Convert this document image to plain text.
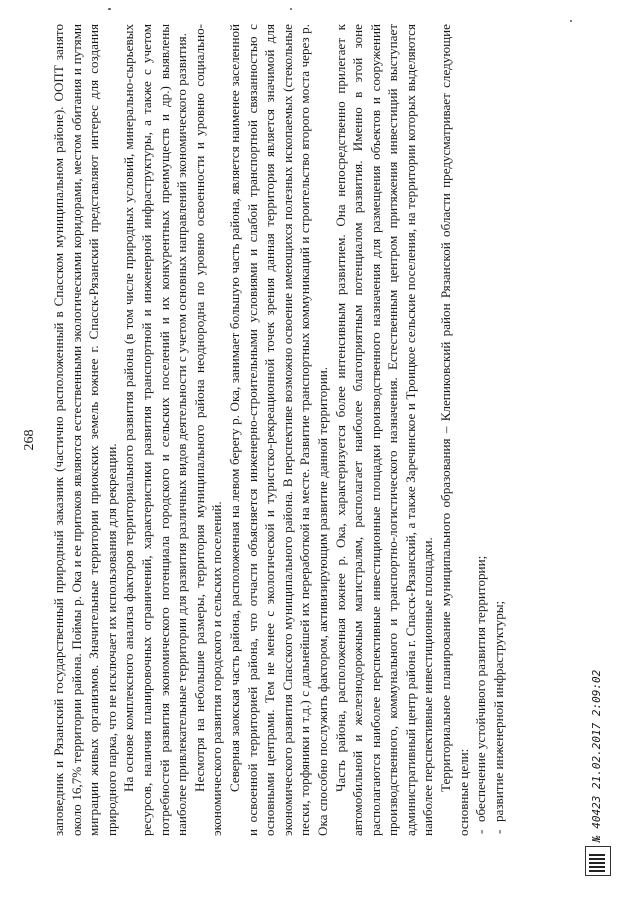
268 заповедник и Рязанский государственный природный заказник (частично расположенный в Спасском муниципальном районе). ООПТ занято около 16,7% территории района. Поймы р. Ока и ее притоков являются естественными экологическими коридорами, местом обитания и путями миграции живых организмов. Значительные территории приокских земель южнее г. Спасск-Рязанский представляют интерес для создания природного парка, что не исключает их использования для рекреации. На основе комплексного анализа факторов территориального развития района (в том числе природных условий, минерально-сырьевых ресурсов, наличия планировочных ограничений, характеристики развития транспортной и инженерной инфраструктуры, а также с учетом потребностей развития экономического потенциала городского и сельских поселений и их конкурентных преимуществ и др.) выявлены наиболее привлекательные территории для развития различных видов деятельности с учетом основных направлений экономического развития. Несмотря на небольшие размеры, территория муниципального района неоднородна по уровню освоенности и уровню социально-экономического развития городского и сельских поселений. Северная заокская часть района, расположенная на левом берегу р. Ока, занимает большую часть района, является наименее заселенной и освоенной территорией района, что отчасти объясняется инженерно-строительными условиями и слабой транспортной связанностью с основными центрами. Тем не менее с экологической и туристско-рекреационной точек зрения данная территория является значимой для экономического развития Спасского муниципального района. В перспективе возможно освоение имеющихся полезных ископаемых (стекольные пески, торфяники и т.д.) с дальнейшей их переработкой на месте. Развитие транспортных коммуникаций и строительство второго моста через р. Ока способно послужить фактором, активизирующим развитие данной территории. Часть района, расположенная южнее р. Ока, характеризуется более интенсивным развитием. Она непосредственно прилегает к автомобильной и железнодорожным магистралям, располагает наиболее благоприятным потенциалом развития. Именно в этой зоне располагаются наиболее перспективные инвестиционные площадки производственного назначения для размещения объектов и сооружений производственного, коммунального и транспортно-логистического назначения. Естественным центром притяжения инвестиций выступает административный центр района г. Спасск-Рязанский, а также Заречинское и Троицкое сельские поселения, на территории которых выделяются наиболее перспективные инвестиционные площадки. Территориальное планирование муниципального образования – Клепиковский район Рязанской области предусматривает следующие основные цели: - обеспечение устойчивого развития территории; - развитие инженерной инфраструктуры;	№ 40423 21.02.2017 2:09:02
